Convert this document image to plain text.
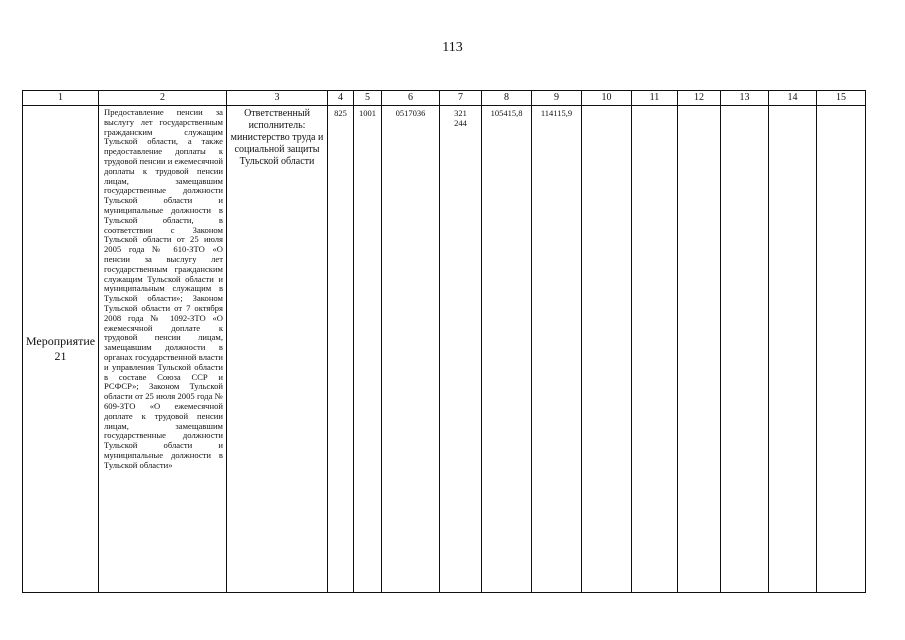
113
1	2	3	4	5	6	7	8	9	10	11	12	13	14	15
Мероприятие 21	Предоставление пенсии за выслугу лет государственным гражданским служащим Тульской области, а также предоставление доплаты к трудовой пенсии и ежемесячной доплаты к трудовой пенсии лицам, замещавшим государственные должности Тульской области и муниципальные должности в Тульской области, в соответствии с Законом Тульской области от 25 июля 2005 года № 610-ЗТО «О пенсии за выслугу лет государственным гражданским служащим Тульской области и муниципальным служащим в Тульской области»; Законом Тульской области от 7 октября 2008 года № 1092-ЗТО «О ежемесячной доплате к трудовой пенсии лицам, замещавшим должности в органах государственной власти и управления Тульской области в составе Союза ССР и РСФСР»; Законом Тульской области от 25 июля 2005 года № 609-ЗТО «О ежемесячной доплате к трудовой пенсии лицам, замещавшим государственные должности Тульской области и муниципальные должности в Тульской области»	Ответственный исполнитель: министерство труда и социальной защиты Тульской области	825	1001	0517036	321 244	105415,8	114115,9						
